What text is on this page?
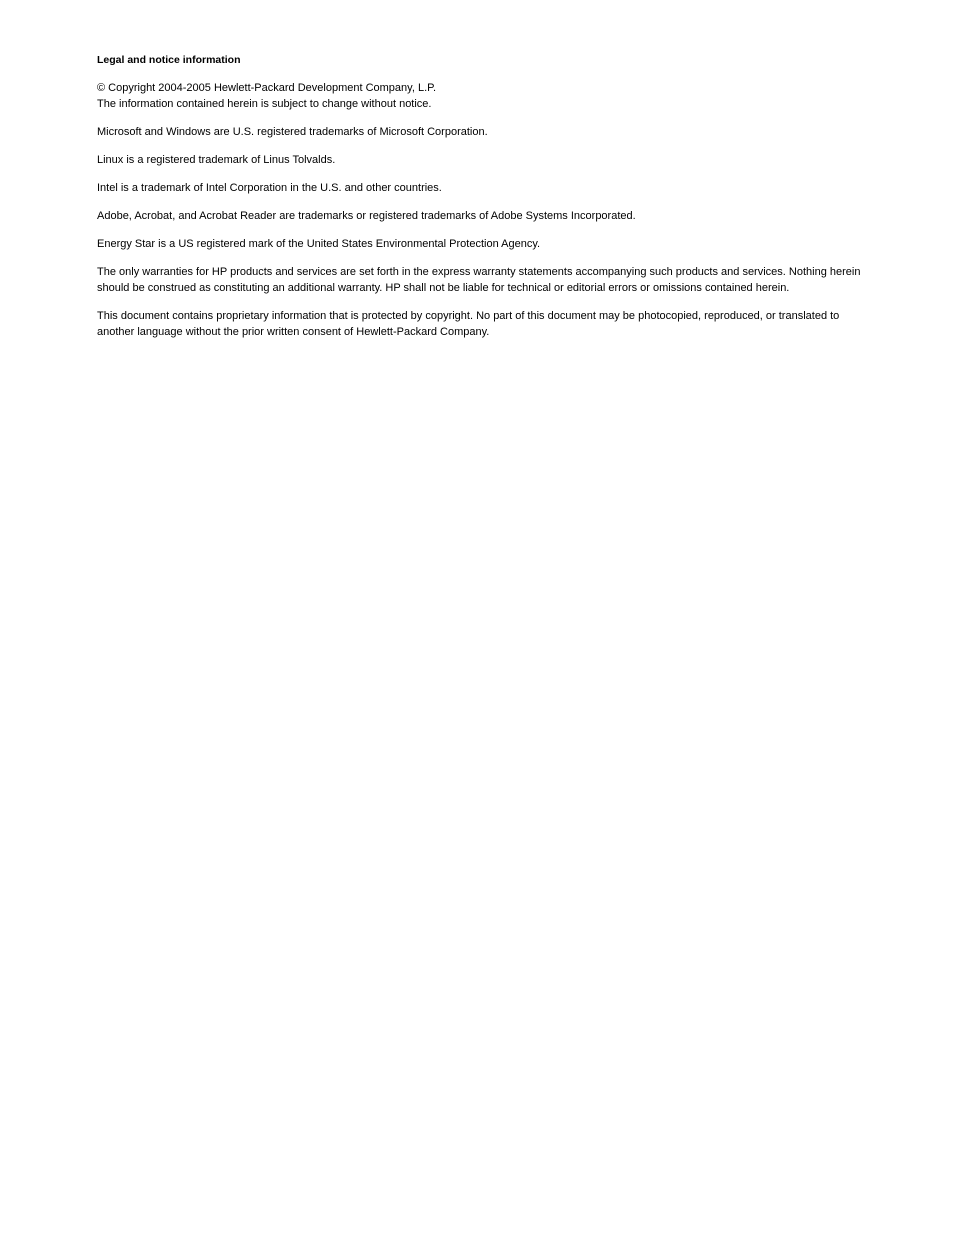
Legal and notice information
© Copyright 2004-2005 Hewlett-Packard Development Company, L.P.
The information contained herein is subject to change without notice.
Microsoft and Windows are U.S. registered trademarks of Microsoft Corporation.
Linux is a registered trademark of Linus Tolvalds.
Intel is a trademark of Intel Corporation in the U.S. and other countries.
Adobe, Acrobat, and Acrobat Reader are trademarks or registered trademarks of Adobe Systems Incorporated.
Energy Star is a US registered mark of the United States Environmental Protection Agency.
The only warranties for HP products and services are set forth in the express warranty statements accompanying such products and services. Nothing herein should be construed as constituting an additional warranty. HP shall not be liable for technical or editorial errors or omissions contained herein.
This document contains proprietary information that is protected by copyright. No part of this document may be photocopied, reproduced, or translated to another language without the prior written consent of Hewlett-Packard Company.
